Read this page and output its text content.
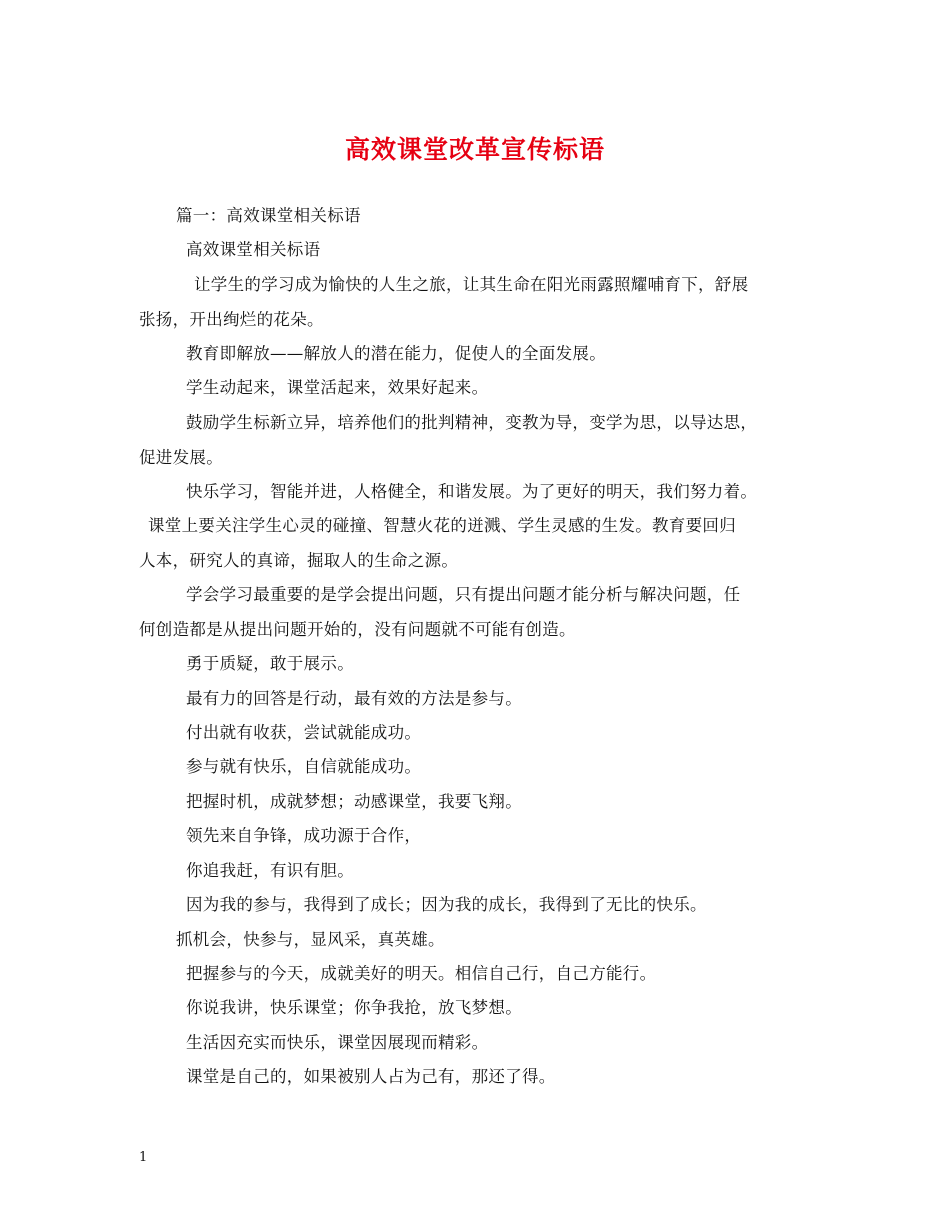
高效课堂改革宣传标语
篇一：高效课堂相关标语
高效课堂相关标语
让学生的学习成为愉快的人生之旅，让其生命在阳光雨露照耀哺育下，舒展
张扬，开出绚烂的花朵。
教育即解放——解放人的潜在能力，促使人的全面发展。
学生动起来，课堂活起来，效果好起来。
鼓励学生标新立异，培养他们的批判精神，变教为导，变学为思，以导达思，
促进发展。
快乐学习，智能并进，人格健全，和谐发展。为了更好的明天，我们努力着。
课堂上要关注学生心灵的碰撞、智慧火花的迸溅、学生灵感的生发。教育要回归
人本，研究人的真谛，掘取人的生命之源。
学会学习最重要的是学会提出问题，只有提出问题才能分析与解决问题，任
何创造都是从提出问题开始的，没有问题就不可能有创造。
勇于质疑，敢于展示。
最有力的回答是行动，最有效的方法是参与。
付出就有收获，尝试就能成功。
参与就有快乐，自信就能成功。
把握时机，成就梦想；动感课堂，我要飞翔。
领先来自争锋，成功源于合作，
你追我赶，有识有胆。
因为我的参与，我得到了成长；因为我的成长，我得到了无比的快乐。
抓机会，快参与，显风采，真英雄。
把握参与的今天，成就美好的明天。相信自己行，自己方能行。
你说我讲，快乐课堂；你争我抢，放飞梦想。
生活因充实而快乐，课堂因展现而精彩。
课堂是自己的，如果被别人占为己有，那还了得。
1
